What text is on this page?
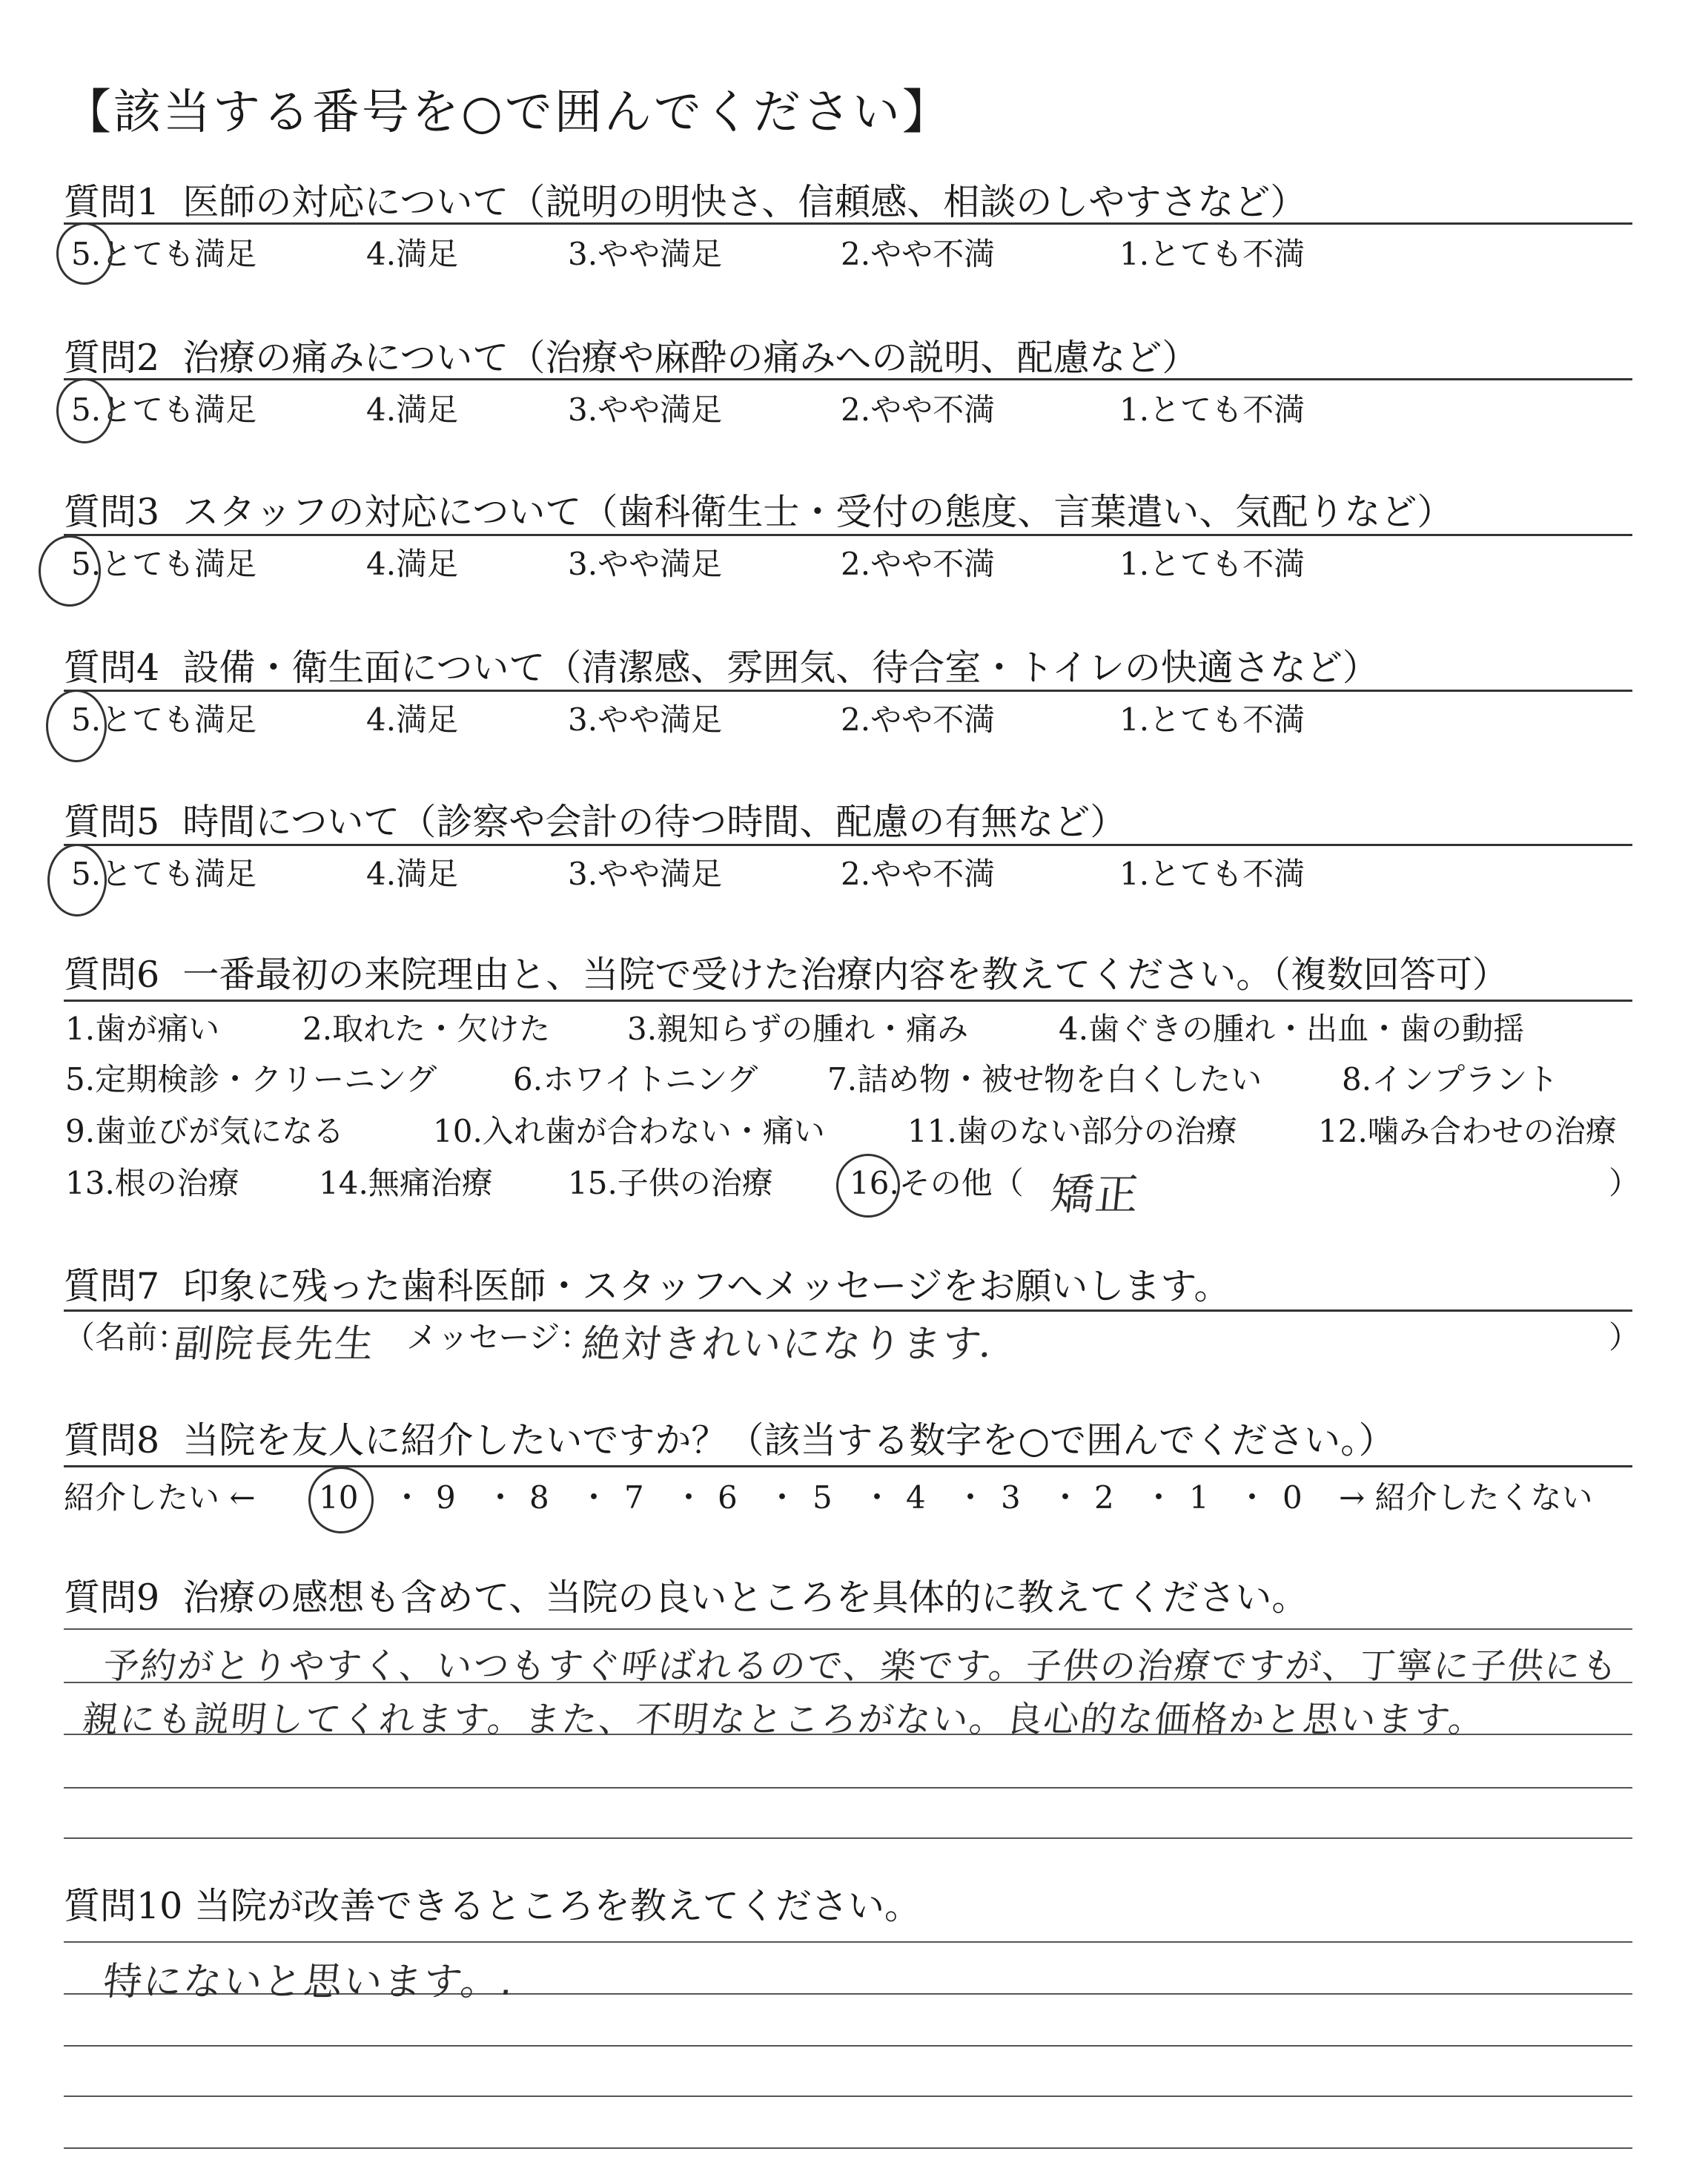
【該当する番号を○で囲んでください】
質問1 医師の対応について（説明の明快さ、信頼感、相談のしやすさなど）
5.とても満足	4.満足	3.やや満足	2.やや不満	1.とても不満
質問2 治療の痛みについて（治療や麻酔の痛みへの説明、配慮など）
5.とても満足	4.満足	3.やや満足	2.やや不満	1.とても不満
質問3 スタッフの対応について（歯科衛生士・受付の態度、言葉遣い、気配りなど）
5.とても満足	4.満足	3.やや満足	2.やや不満	1.とても不満
質問4 設備・衛生面について（清潔感、雰囲気、待合室・トイレの快適さなど）
5.とても満足	4.満足	3.やや満足	2.やや不満	1.とても不満
質問5 時間について（診察や会計の待つ時間、配慮の有無など）
5.とても満足	4.満足	3.やや満足	2.やや不満	1.とても不満
質問6 一番最初の来院理由と、当院で受けた治療内容を教えてください。（複数回答可）
1.歯が痛い	2.取れた・欠けた 3.親知らずの腫れ・痛み	4.歯ぐきの腫れ・出血・歯の動揺
5.定期検診・クリーニング 6.ホワイトニング 7.詰め物・被せ物を白くしたい	8.インプラント
9.歯並びが気になる	10.入れ歯が合わない・痛い	11.歯のない部分の治療	12.噛み合わせの治療
13.根の治療	14.無痛治療 15.子供の治療 16.その他（ 矯正	）
質問7 印象に残った歯科医師・スタッフへメッセージをお願いします。
（名前：
副院長先生 メッセージ：
絶対きれいになります．	）
質問8 当院を友人に紹介したいですか？（該当する数字を○で囲んでください。）
紹介したい ← 10 ・ 9 ・ 8 ・ 7 ・ 6 ・ 5 ・ 4 ・ 3 ・ 2 ・ 1 ・ 0 → 紹介したくない
質問9 治療の感想も含めて、当院の良いところを具体的に教えてください。
予約がとりやすく、いつもすぐ呼ばれるので、楽です。子供の治療ですが、丁寧に子供にも
親にも説明してくれます。また、不明なところがない。良心的な価格かと思います。
質問10 当院が改善できるところを教えてください。
特にないと思います。.
